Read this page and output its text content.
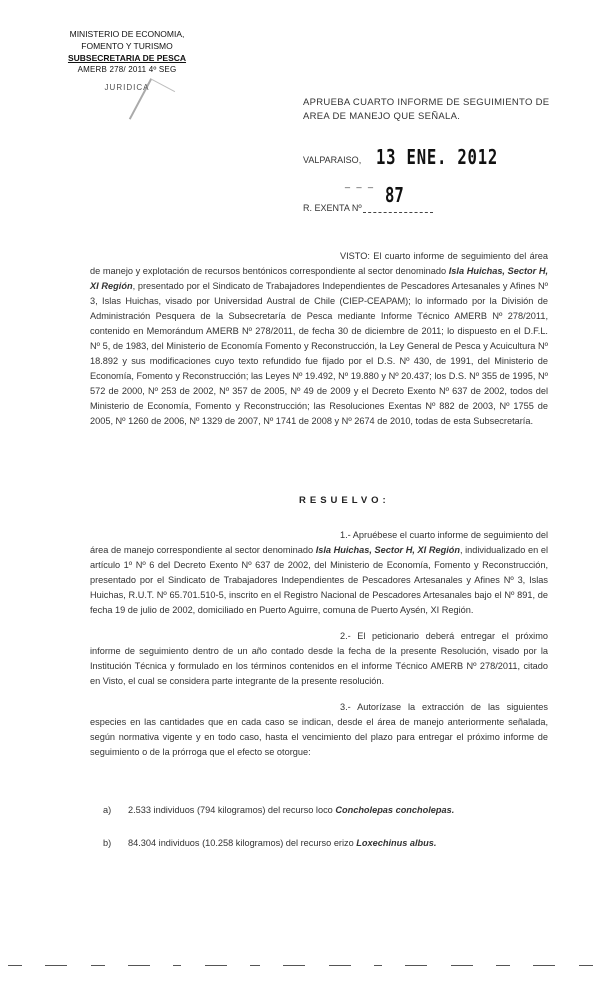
MINISTERIO DE ECONOMIA,
FOMENTO Y TURISMO
SUBSECRETARIA DE PESCA
AMERB 278/ 2011 4º SEG
JURIDICA
APRUEBA CUARTO INFORME DE SEGUIMIENTO DE AREA DE MANEJO QUE SEÑALA.
VALPARAISO, 13 ENE. 2012
_ _ _ 87
R. EXENTA Nº
VISTO: El cuarto informe de seguimiento del área de manejo y explotación de recursos bentónicos correspondiente al sector denominado Isla Huichas, Sector H, XI Región, presentado por el Sindicato de Trabajadores Independientes de Pescadores Artesanales y Afines Nº 3, Islas Huichas, visado por Universidad Austral de Chile (CIEP-CEAPAM); lo informado por la División de Administración Pesquera de la Subsecretaría de Pesca mediante Informe Técnico AMERB Nº 278/2011, contenido en Memorándum AMERB Nº 278/2011, de fecha 30 de diciembre de 2011; lo dispuesto en el D.F.L. Nº 5, de 1983, del Ministerio de Economía Fomento y Reconstrucción, la Ley General de Pesca y Acuicultura Nº 18.892 y sus modificaciones cuyo texto refundido fue fijado por el D.S. Nº 430, de 1991, del Ministerio de Economía, Fomento y Reconstrucción; las Leyes Nº 19.492, Nº 19.880 y Nº 20.437; los D.S. Nº 355 de 1995, Nº 572 de 2000, Nº 253 de 2002, Nº 357 de 2005, Nº 49 de 2009 y el Decreto Exento Nº 637 de 2002, todos del Ministerio de Economía, Fomento y Reconstrucción; las Resoluciones Exentas Nº 882 de 2003, Nº 1755 de 2005, Nº 1260 de 2006, Nº 1329 de 2007, Nº 1741 de 2008 y Nº 2674 de 2010, todas de esta Subsecretaría.
RESUELVO:
1.- Apruébese el cuarto informe de seguimiento del área de manejo correspondiente al sector denominado Isla Huichas, Sector H, XI Región, individualizado en el artículo 1º Nº 6 del Decreto Exento Nº 637 de 2002, del Ministerio de Economía, Fomento y Reconstrucción, presentado por el Sindicato de Trabajadores Independientes de Pescadores Artesanales y Afines Nº 3, Islas Huichas, R.U.T. Nº 65.701.510-5, inscrito en el Registro Nacional de Pescadores Artesanales bajo el Nº 891, de fecha 19 de julio de 2002, domiciliado en Puerto Aguirre, comuna de Puerto Aysén, XI Región.
2.- El peticionario deberá entregar el próximo informe de seguimiento dentro de un año contado desde la fecha de la presente Resolución, visado por la Institución Técnica y formulado en los términos contenidos en el informe Técnico AMERB Nº 278/2011, citado en Visto, el cual se considera parte integrante de la presente resolución.
3.- Autorízase la extracción de las siguientes especies en las cantidades que en cada caso se indican, desde el área de manejo anteriormente señalada, según normativa vigente y en todo caso, hasta el vencimiento del plazo para entregar el próximo informe de seguimiento o de la prórroga que el efecto se otorgue:
a) 2.533 individuos (794 kilogramos) del recurso loco Concholepas concholepas.
b) 84.304 individuos (10.258 kilogramos) del recurso erizo Loxechinus albus.
